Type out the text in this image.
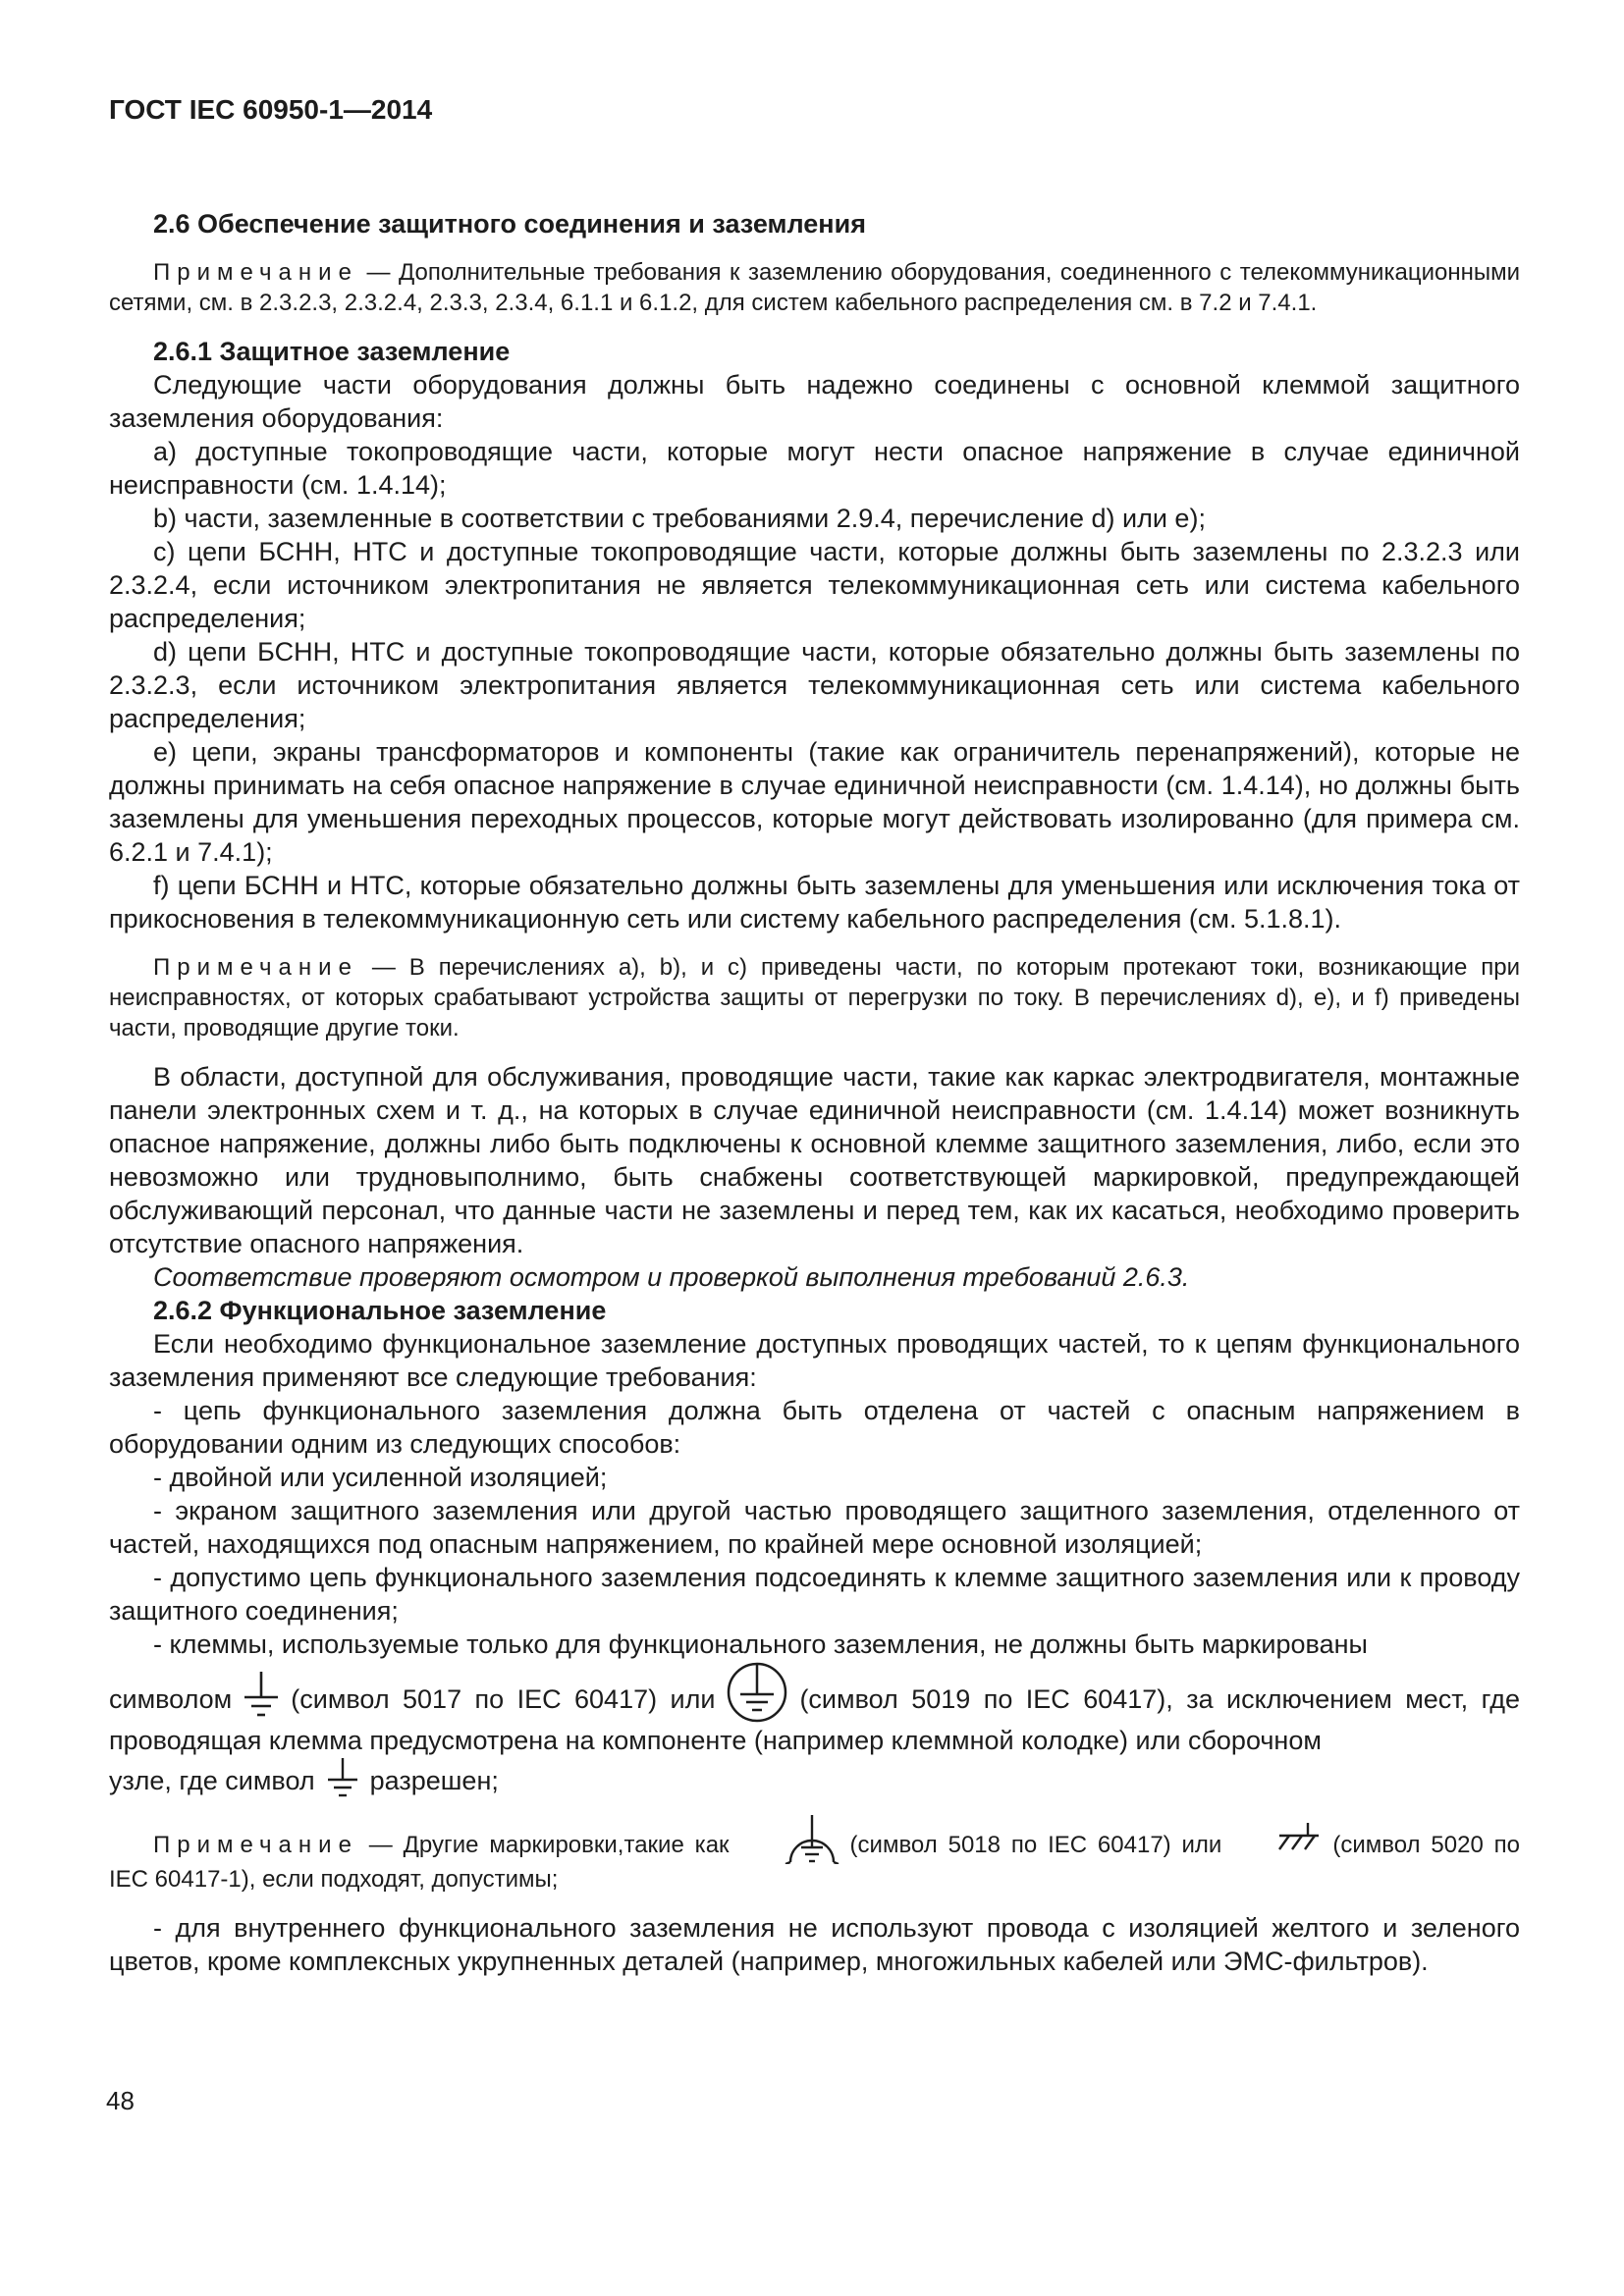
ГОСТ IEC 60950-1—2014
2.6 Обеспечение защитного соединения и заземления

Примечание — Дополнительные требования к заземлению оборудования, соединенного с телекоммуникационными сетями, см. в 2.3.2.3, 2.3.2.4, 2.3.3, 2.3.4, 6.1.1 и 6.1.2, для систем кабельного распределения см. в 7.2 и 7.4.1.

2.6.1 Защитное заземление

Следующие части оборудования должны быть надежно соединены с основной клеммой защитного заземления оборудования:

a) доступные токопроводящие части, которые могут нести опасное напряжение в случае единичной неисправности (см. 1.4.14);

b) части, заземленные в соответствии с требованиями 2.9.4, перечисление d) или e);

c) цепи БСНН, НТС и доступные токопроводящие части, которые должны быть заземлены по 2.3.2.3 или 2.3.2.4, если источником электропитания не является телекоммуникационная сеть или система кабельного распределения;

d) цепи БСНН, НТС и доступные токопроводящие части, которые обязательно должны быть заземлены по 2.3.2.3, если источником электропитания является телекоммуникационная сеть или система кабельного распределения;

e) цепи, экраны трансформаторов и компоненты (такие как ограничитель перенапряжений), которые не должны принимать на себя опасное напряжение в случае единичной неисправности (см. 1.4.14), но должны быть заземлены для уменьшения переходных процессов, которые могут действовать изолированно (для примера см. 6.2.1 и 7.4.1);

f) цепи БСНН и НТС, которые обязательно должны быть заземлены для уменьшения или исключения тока от прикосновения в телекоммуникационную сеть или систему кабельного распределения (см. 5.1.8.1).

Примечание — В перечислениях a), b), и c) приведены части, по которым протекают токи, возникающие при неисправностях, от которых срабатывают устройства защиты от перегрузки по току. В перечислениях d), e), и f) приведены части, проводящие другие токи.

В области, доступной для обслуживания, проводящие части, такие как каркас электродвигателя, монтажные панели электронных схем и т. д., на которых в случае единичной неисправности (см. 1.4.14) может возникнуть опасное напряжение, должны либо быть подключены к основной клемме защитного заземления, либо, если это невозможно или трудновыполнимо, быть снабжены соответствующей маркировкой, предупреждающей обслуживающий персонал, что данные части не заземлены и перед тем, как их касаться, необходимо проверить отсутствие опасного напряжения.

Соответствие проверяют осмотром и проверкой выполнения требований 2.6.3.

2.6.2 Функциональное заземление

Если необходимо функциональное заземление доступных проводящих частей, то к цепям функционального заземления применяют все следующие требования:

- цепь функционального заземления должна быть отделена от частей с опасным напряжением в оборудовании одним из следующих способов:

- двойной или усиленной изоляцией;

- экраном защитного заземления или другой частью проводящего защитного заземления, отделенного от частей, находящихся под опасным напряжением, по крайней мере основной изоляцией;

- допустимо цепь функционального заземления подсоединять к клемме защитного заземления или к проводу защитного соединения;

- клеммы, используемые только для функционального заземления, не должны быть маркированы

символом (символ 5017 по IEC 60417) или	(символ 5019 по IEC 60417), за исключением мест, где проводящая клемма предусмотрена на компоненте (например клеммной колодке) или сборочном

узле, где символ разрешен;

Примечание — Другие маркировки,такие как	(символ 5018 по IEC 60417) или	(символ 5020 по IEC 60417-1), если подходят, допустимы;

- для внутреннего функционального заземления не используют провода с изоляцией желтого и зеленого цветов, кроме комплексных укрупненных деталей (например, многожильных кабелей или ЭМС-фильтров).

48
